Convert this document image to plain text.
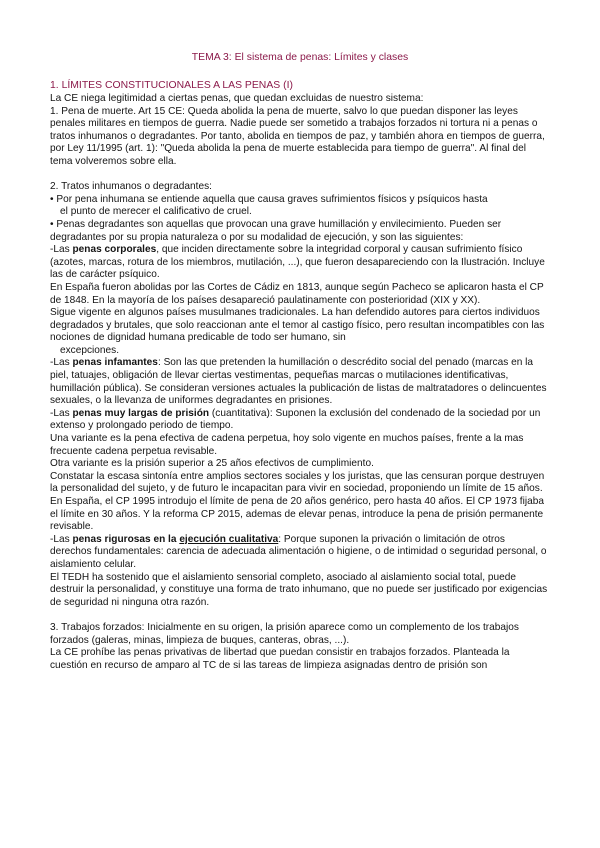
TEMA 3: El sistema de penas: Límites y clases
1. LÍMITES CONSTITUCIONALES A LAS PENAS (I)

La CE niega legitimidad a ciertas penas, que quedan excluidas de nuestro sistema:

1. Pena de muerte. Art 15 CE: Queda abolida la pena de muerte, salvo lo que puedan disponer las leyes penales militares en tiempos de guerra. Nadie puede ser sometido a trabajos forzados ni tortura ni a penas o tratos inhumanos o degradantes. Por tanto, abolida en tiempos de paz, y también ahora en tiempos de guerra, por Ley 11/1995 (art. 1): "Queda abolida la pena de muerte establecida para tiempo de guerra". Al final del tema volveremos sobre ella.

2. Tratos inhumanos o degradantes:

• Por pena inhumana se entiende aquella que causa graves sufrimientos físicos y psíquicos hasta

el punto de merecer el calificativo de cruel.

• Penas degradantes son aquellas que provocan una grave humillación y envilecimiento. Pueden ser degradantes por su propia naturaleza o por su modalidad de ejecución, y son las siguientes:

-Las penas corporales, que inciden directamente sobre la integridad corporal y causan sufrimiento físico (azotes, marcas, rotura de los miembros, mutilación, ...), que fueron desapareciendo con la Ilustración. Incluye las de carácter psíquico.

En España fueron abolidas por las Cortes de Cádiz en 1813, aunque según Pacheco se aplicaron hasta el CP de 1848. En la mayoría de los países desapareció paulatinamente con posterioridad (XIX y XX).

Sigue vigente en algunos países musulmanes tradicionales. La han defendido autores para ciertos individuos degradados y brutales, que solo reaccionan ante el temor al castigo físico, pero resultan incompatibles con las nociones de dignidad humana predicable de todo ser humano, sin

excepciones.

-Las penas infamantes: Son las que pretenden la humillación o descrédito social del penado (marcas en la piel, tatuajes, obligación de llevar ciertas vestimentas, pequeñas marcas o mutilaciones identificativas, humillación pública). Se consideran versiones actuales la publicación de listas de maltratadores o delincuentes sexuales, o la llevanza de uniformes degradantes en prisiones.

-Las penas muy largas de prisión (cuantitativa): Suponen la exclusión del condenado de la sociedad por un extenso y prolongado periodo de tiempo.

Una variante es la pena efectiva de cadena perpetua, hoy solo vigente en muchos países, frente a la mas frecuente cadena perpetua revisable.

Otra variante es la prisión superior a 25 años efectivos de cumplimiento.

Constatar la escasa sintonía entre amplios sectores sociales y los juristas, que las censuran porque destruyen la personalidad del sujeto, y de futuro le incapacitan para vivir en sociedad, proponiendo un límite de 15 años.

En España, el CP 1995 introdujo el límite de pena de 20 años genérico, pero hasta 40 años. El CP 1973 fijaba el límite en 30 años. Y la reforma CP 2015, ademas de elevar penas, introduce la pena de prisión permanente revisable.

-Las penas rigurosas en la ejecución cualitativa: Porque suponen la privación o limitación de otros derechos fundamentales: carencia de adecuada alimentación o higiene, o de intimidad o seguridad personal, o aislamiento celular.

El TEDH ha sostenido que el aislamiento sensorial completo, asociado al aislamiento social total, puede destruir la personalidad, y constituye una forma de trato inhumano, que no puede ser justificado por exigencias de seguridad ni ninguna otra razón.

3. Trabajos forzados: Inicialmente en su origen, la prisión aparece como un complemento de los trabajos forzados (galeras, minas, limpieza de buques, canteras, obras, ...).

La CE prohíbe las penas privativas de libertad que puedan consistir en trabajos forzados. Planteada la cuestión en recurso de amparo al TC de si las tareas de limpieza asignadas dentro de prisión son
